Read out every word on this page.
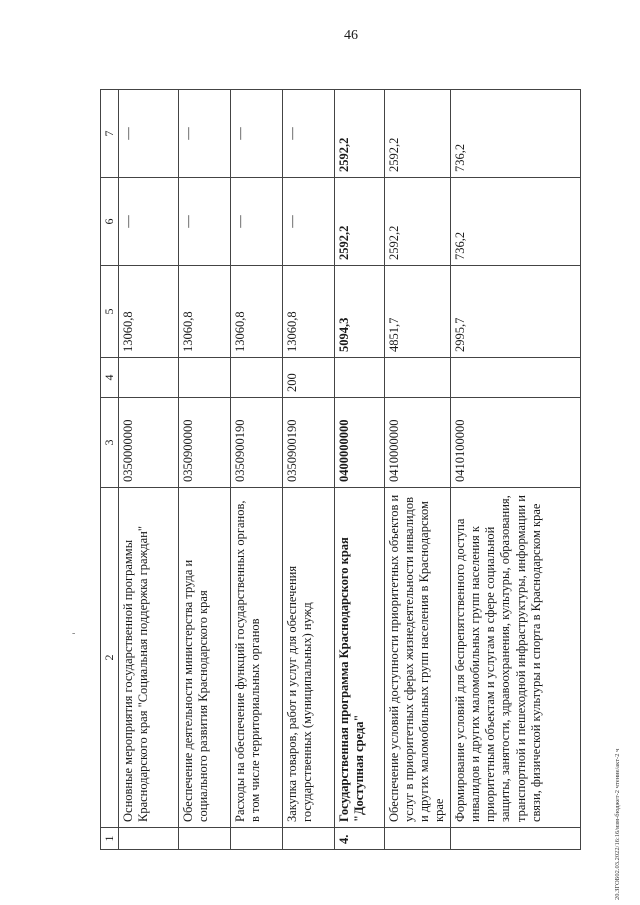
46
-
20.ЗГОБ02.03.2022/16:16/изм-бюджет-2 чтение/акт-2 ч
1	2	3	4	5	6	7
	Основные мероприятия государственной программы Краснодарского края "Социальная поддержка граждан"	0350000000		13060,8	—	—
	Обеспечение деятельности министерства труда и социального развития Краснодарского края	0350900000		13060,8	—	—
	Расходы на обеспечение функций государственных органов, в том числе территориальных органов	0350900190		13060,8	—	—
	Закупка товаров, работ и услуг для обеспечения государственных (муниципальных) нужд	0350900190	200	13060,8	—	—
4.	Государственная программа Краснодарского края "Доступная среда"	0400000000		5094,3	2592,2	2592,2
	Обеспечение условий доступности приоритетных объектов и услуг в приоритетных сферах жизнедеятельности инвалидов и других маломобильных групп населения в Краснодарском крае	0410000000		4851,7	2592,2	2592,2
	Формирование условий для беспрепятственного доступа инвалидов и других маломобильных групп населения к приоритетным объектам и услугам в сфере социальной защиты, занятости, здравоохранения, культуры, образования, транспортной и пешеходной инфраструктуры, информации и связи, физической культуры и спорта в Краснодарском крае	0410100000		2995,7	736,2	736,2
